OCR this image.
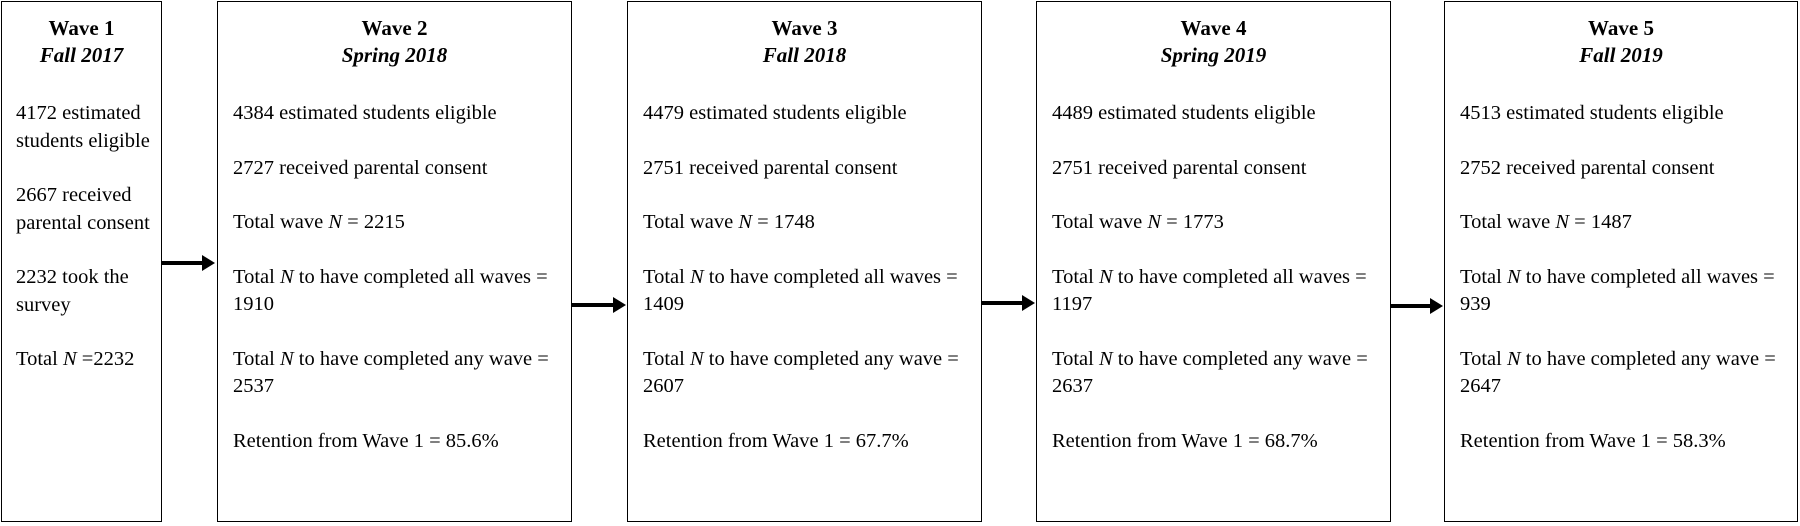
Wave 1
Fall 2017
4172 estimated students eligible
2667 received parental consent
2232 took the survey
Total N =2232
Wave 2
Spring 2018
4384 estimated students eligible
2727 received parental consent
Total wave N = 2215
Total N to have completed all waves = 1910
Total N to have completed any wave = 2537
Retention from Wave 1 = 85.6%
Wave 3
Fall 2018
4479 estimated students eligible
2751 received parental consent
Total wave N = 1748
Total N to have completed all waves = 1409
Total N to have completed any wave = 2607
Retention from Wave 1 = 67.7%
Wave 4
Spring 2019
4489 estimated students eligible
2751 received parental consent
Total wave N = 1773
Total N to have completed all waves = 1197
Total N to have completed any wave = 2637
Retention from Wave 1 = 68.7%
Wave 5
Fall 2019
4513 estimated students eligible
2752 received parental consent
Total wave N = 1487
Total N to have completed all waves = 939
Total N to have completed any wave = 2647
Retention from Wave 1 = 58.3%
